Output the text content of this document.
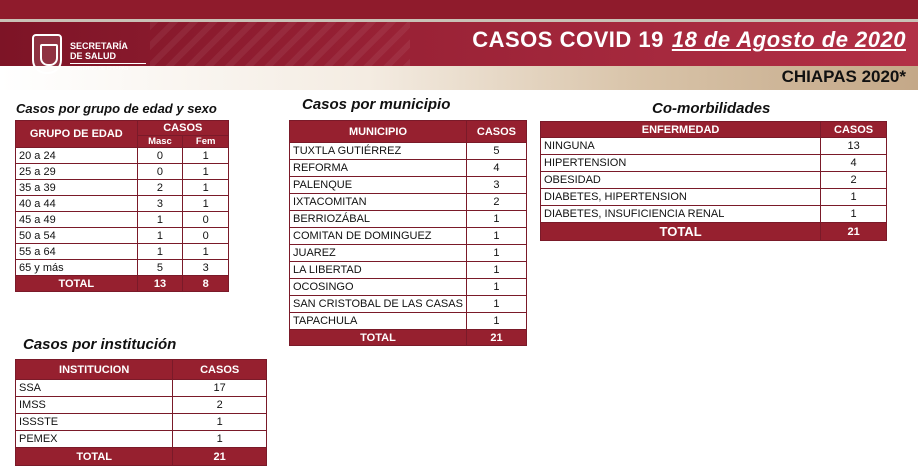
SECRETARÍA
DE SALUD
GOBIERNO DE CHIAPAS
CASOS COVID 19 18 de Agosto de 2020
CHIAPAS 2020*
Casos por grupo de edad y sexo
GRUPO DE EDAD	CASOS	
	Masc	Fem
20 a 24	0	1
25 a 29	0	1
35 a 39	2	1
40 a 44	3	1
45 a 49	1	0
50 a 54	1	0
55 a 64	1	1
65 y más	5	3
TOTAL	13	8
Casos por municipio
MUNICIPIO	CASOS
TUXTLA GUTIÉRREZ	5
REFORMA	4
PALENQUE	3
IXTACOMITAN	2
BERRIOZÁBAL	1
COMITAN DE DOMINGUEZ	1
JUAREZ	1
LA LIBERTAD	1
OCOSINGO	1
SAN CRISTOBAL DE LAS CASAS	1
TAPACHULA	1
TOTAL	21
Co-morbilidades
ENFERMEDAD	CASOS
NINGUNA	13
HIPERTENSION	4
OBESIDAD	2
DIABETES, HIPERTENSION	1
DIABETES, INSUFICIENCIA RENAL	1
TOTAL	21
Casos por institución
INSTITUCION	CASOS
SSA	17
IMSS	2
ISSSTE	1
PEMEX	1
TOTAL	21
